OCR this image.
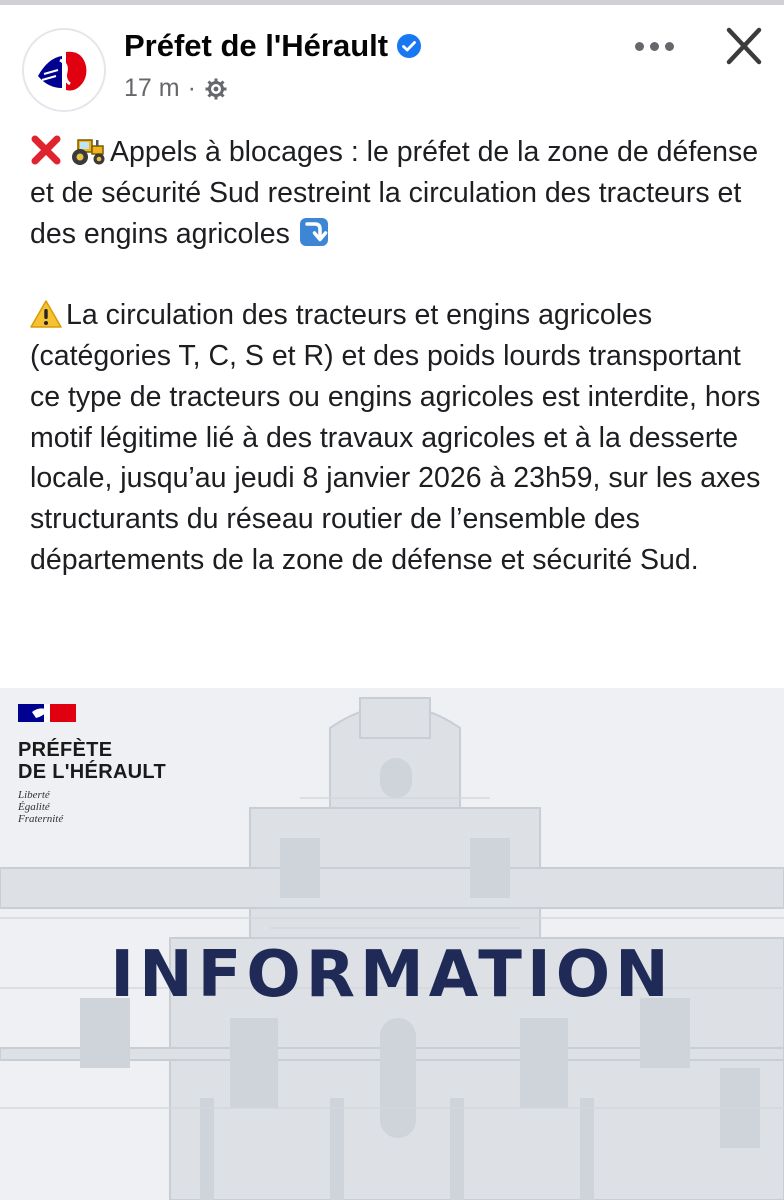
Préfet de l'Hérault
17 m ·

Appels à blocages : le préfet de la zone de défense et de sécurité Sud restreint la circulation des tracteurs et des engins agricoles

La circulation des tracteurs et engins agricoles (catégories T, C, S et R) et des poids lourds transportant ce type de tracteurs ou engins agricoles est interdite, hors motif légitime lié à des travaux agricoles et à la desserte locale, jusqu’au jeudi 8 janvier 2026 à 23h59, sur les axes structurants du réseau routier de l’ensemble des départements de la zone de défense et sécurité Sud.

PRÉFÈTE
DE L'HÉRAULT
Liberté
Égalité
Fraternité
INFORMATION
